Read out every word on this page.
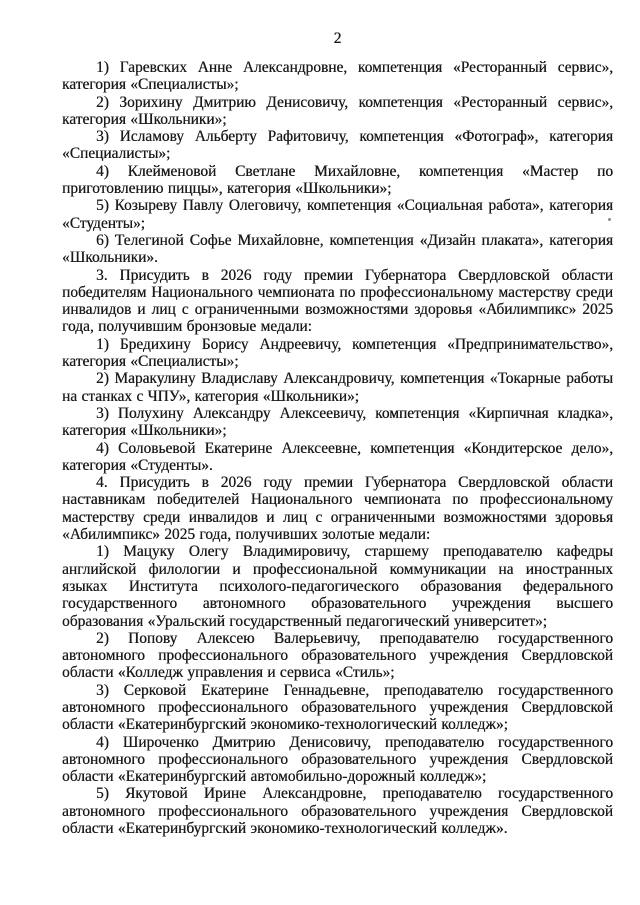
2

1) Гаревских Анне Александровне, компетенция «Ресторанный сервис», категория «Специалисты»;

2) Зорихину Дмитрию Денисовичу, компетенция «Ресторанный сервис», категория «Школьники»;

3) Исламову Альберту Рафитовичу, компетенция «Фотограф», категория «Специалисты»;

4) Клейменовой Светлане Михайловне, компетенция «Мастер по приготовлению пиццы», категория «Школьники»;

5) Козыреву Павлу Олеговичу, компетенция «Социальная работа», категория «Студенты»;

6) Телегиной Софье Михайловне, компетенция «Дизайн плаката», категория «Школьники».

3. Присудить в 2026 году премии Губернатора Свердловской области победителям Национального чемпионата по профессиональному мастерству среди инвалидов и лиц с ограниченными возможностями здоровья «Абилимпикс» 2025 года, получившим бронзовые медали:

1) Бредихину Борису Андреевичу, компетенция «Предпринимательство», категория «Специалисты»;

2) Маракулину Владиславу Александровичу, компетенция «Токарные работы на станках с ЧПУ», категория «Школьники»;

3) Полухину Александру Алексеевичу, компетенция «Кирпичная кладка», категория «Школьники»;

4) Соловьевой Екатерине Алексеевне, компетенция «Кондитерское дело», категория «Студенты».

4. Присудить в 2026 году премии Губернатора Свердловской области наставникам победителей Национального чемпионата по профессиональному мастерству среди инвалидов и лиц с ограниченными возможностями здоровья «Абилимпикс» 2025 года, получивших золотые медали:

1) Мацуку Олегу Владимировичу, старшему преподавателю кафедры английской филологии и профессиональной коммуникации на иностранных языках Института психолого-педагогического образования федерального государственного автономного образовательного учреждения высшего образования «Уральский государственный педагогический университет»;

2) Попову Алексею Валерьевичу, преподавателю государственного автономного профессионального образовательного учреждения Свердловской области «Колледж управления и сервиса «Стиль»;

3) Серковой Екатерине Геннадьевне, преподавателю государственного автономного профессионального образовательного учреждения Свердловской области «Екатеринбургский экономико-технологический колледж»;

4) Широченко Дмитрию Денисовичу, преподавателю государственного автономного профессионального образовательного учреждения Свердловской области «Екатеринбургский автомобильно-дорожный колледж»;

5) Якутовой Ирине Александровне, преподавателю государственного автономного профессионального образовательного учреждения Свердловской области «Екатеринбургский экономико-технологический колледж».
